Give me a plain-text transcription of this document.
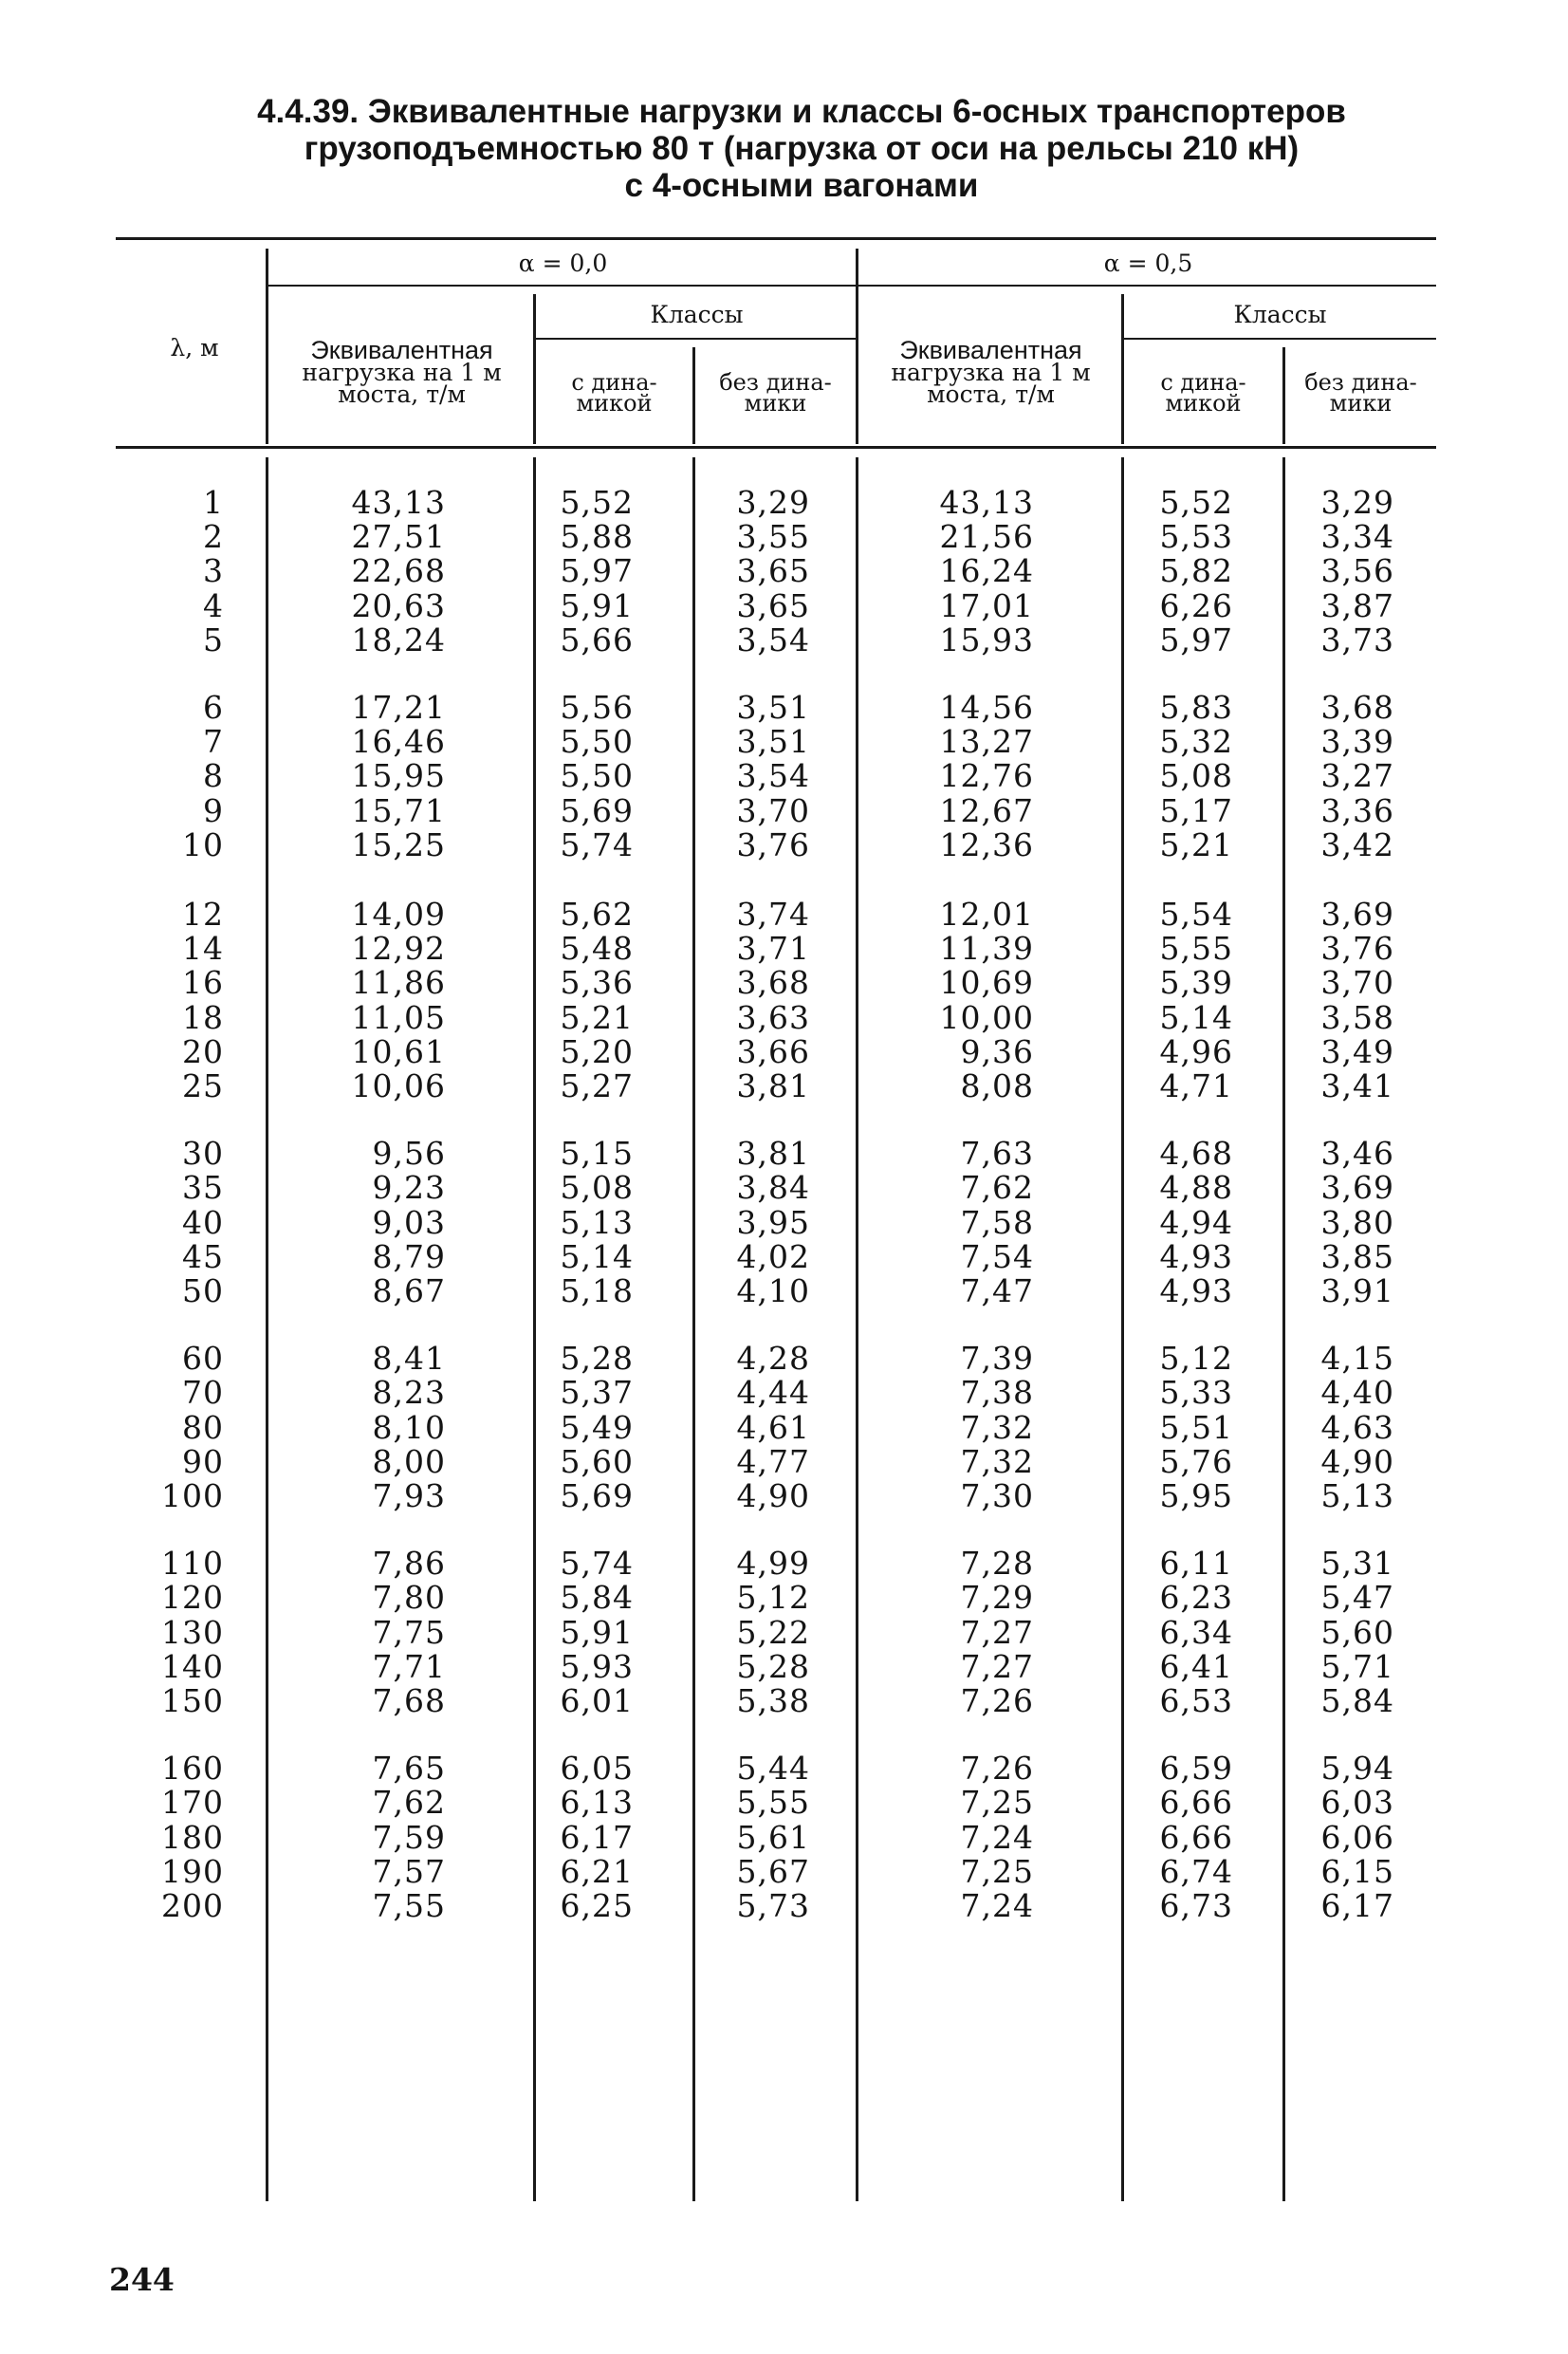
4.4.39. Эквивалентные нагрузки и классы 6-осных транспортеров
грузоподъемностью 80 т (нагрузка от оси на рельсы 210 кН)
с 4-осными вагонами
λ, м
α = 0,0	α = 0,5
Эквивалентная
нагрузка на 1 м
моста, т/м
Эквивалентная
нагрузка на 1 м
моста, т/м
Классы	Классы
с дина-
микой
без дина-
мики
с дина-
микой
без дина-
мики
1	43,13	5,52	3,29	43,13	5,52	3,29
2	27,51	5,88	3,55	21,56	5,53	3,34
3	22,68	5,97	3,65	16,24	5,82	3,56
4	20,63	5,91	3,65	17,01	6,26	3,87
5	18,24	5,66	3,54	15,93	5,97	3,73
6	17,21	5,56	3,51	14,56	5,83	3,68
7	16,46	5,50	3,51	13,27	5,32	3,39
8	15,95	5,50	3,54	12,76	5,08	3,27
9	15,71	5,69	3,70	12,67	5,17	3,36
10	15,25	5,74	3,76	12,36	5,21	3,42
12	14,09	5,62	3,74	12,01	5,54	3,69
14	12,92	5,48	3,71	11,39	5,55	3,76
16	11,86	5,36	3,68	10,69	5,39	3,70
18	11,05	5,21	3,63	10,00	5,14	3,58
20	10,61	5,20	3,66	9,36	4,96	3,49
25	10,06	5,27	3,81	8,08	4,71	3,41
30	9,56	5,15	3,81	7,63	4,68	3,46
35	9,23	5,08	3,84	7,62	4,88	3,69
40	9,03	5,13	3,95	7,58	4,94	3,80
45	8,79	5,14	4,02	7,54	4,93	3,85
50	8,67	5,18	4,10	7,47	4,93	3,91
60	8,41	5,28	4,28	7,39	5,12	4,15
70	8,23	5,37	4,44	7,38	5,33	4,40
80	8,10	5,49	4,61	7,32	5,51	4,63
90	8,00	5,60	4,77	7,32	5,76	4,90
100	7,93	5,69	4,90	7,30	5,95	5,13
110	7,86	5,74	4,99	7,28	6,11	5,31
120	7,80	5,84	5,12	7,29	6,23	5,47
130	7,75	5,91	5,22	7,27	6,34	5,60
140	7,71	5,93	5,28	7,27	6,41	5,71
150	7,68	6,01	5,38	7,26	6,53	5,84
160	7,65	6,05	5,44	7,26	6,59	5,94
170	7,62	6,13	5,55	7,25	6,66	6,03
180	7,59	6,17	5,61	7,24	6,66	6,06
190	7,57	6,21	5,67	7,25	6,74	6,15
200	7,55	6,25	5,73	7,24	6,73	6,17
244
